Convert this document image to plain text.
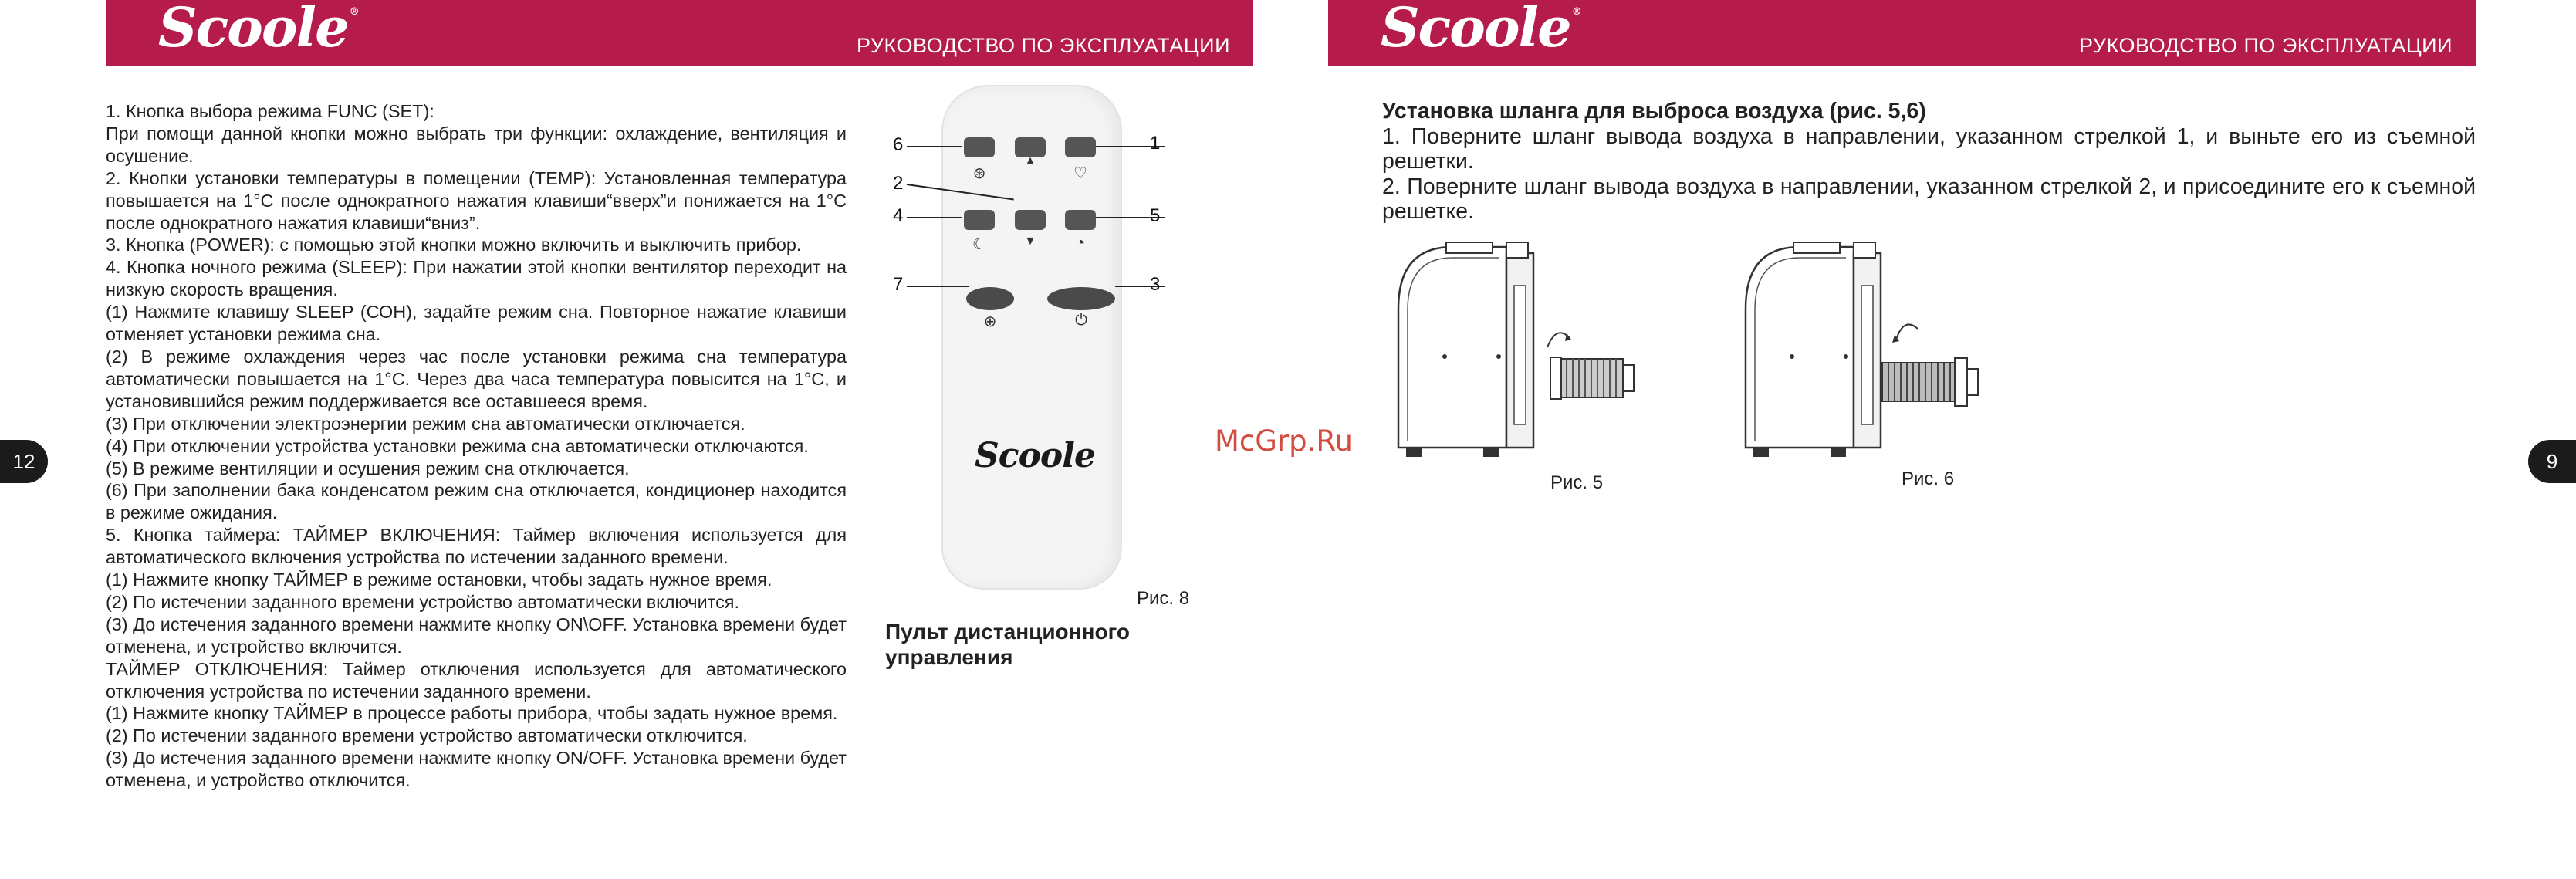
Scoole ®
РУКОВОДСТВО ПО ЭКСПЛУАТАЦИИ
12

1. Кнопка выбора режима FUNC (SET):

При помощи данной кнопки можно выбрать три функции: охлаждение, вентиляция и осушение.

2. Кнопки установки температуры в помещении (TEMP): Установленная температура повышается на 1°С после однократного нажатия клавиши“вверх”и понижается на 1°С после однократного нажатия клавиши“вниз”.

3. Кнопка (POWER): с помощью этой кнопки можно включить и выключить прибор.

4. Кнопка ночного режима (SLEEP): При нажатии этой кнопки вентилятор переходит на низкую скорость вращения.

(1) Нажмите клавишу SLEEP (СОН), задайте режим сна. Повторное нажатие клавиши отменяет установки режима сна.

(2) В режиме охлаждения через час после установки режима сна температура автоматически повышается на 1°С. Через два часа температура повысится на 1°С, и установившийся режим поддерживается все оставшееся время.

(3) При отключении электроэнергии режим сна автоматически отключается.

(4) При отключении устройства установки режима сна автоматически отключаются.

(5) В режиме вентиляции и осушения режим сна отключается.

(6) При заполнении бака конденсатом режим сна отключается, кондиционер находится в режиме ожидания.

5. Кнопка таймера: ТАЙМЕР ВКЛЮЧЕНИЯ: Таймер включения используется для автоматического включения устройства по истечении заданного времени.

(1) Нажмите кнопку ТАЙМЕР в режиме остановки, чтобы задать нужное время.

(2) По истечении заданного времени устройство автоматически включится.

(3) До истечения заданного времени нажмите кнопку ON\OFF. Установка времени будет отменена, и устройство включится.

ТАЙМЕР ОТКЛЮЧЕНИЯ: Таймер отключения используется для автоматического отключения устройства по истечении заданного времени.

(1) Нажмите кнопку ТАЙМЕР в процессе работы прибора, чтобы задать нужное время.

(2) По истечении заданного времени устройство автоматически отключится.

(3) До истечения заданного времени нажмите кнопку ON/OFF. Установка времени будет отменена, и устройство отключится.

⊛
▲
♡
☾	▼	◔
⊕	⏻
Scoole
6	1
2
4	5
7	3
Рис. 8
Пульт дистанционного управления
Scoole ®
РУКОВОДСТВО ПО ЭКСПЛУАТАЦИИ
9

Установка шланга для выброса воздуха (рис. 5,6)

1. Поверните шланг вывода воздуха в направлении, указанном стрелкой 1, и выньте его из съемной решетки.

2. Поверните шланг вывода воздуха в направлении, указанном стрелкой 2, и присоедините его к съемной решетке.

Рис. 5	Рис. 6
McGrp.Ru
